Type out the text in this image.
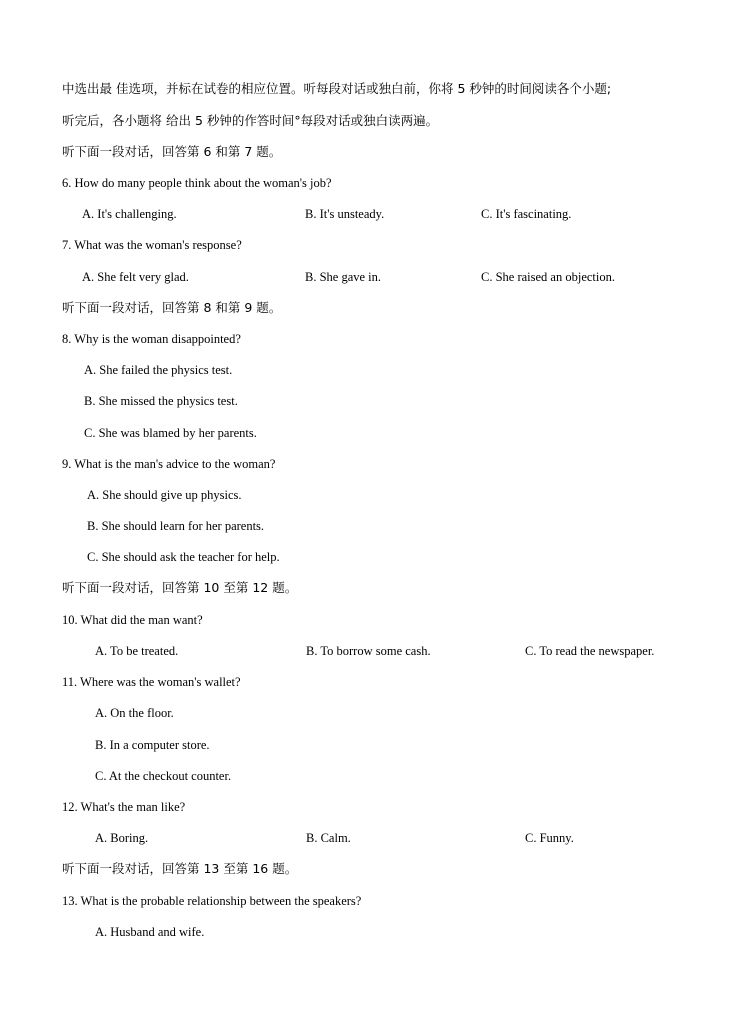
中选出最 佳选项，并标在试卷的相应位置。听每段对话或独白前，你将 5 秒钟的时间阅读各个小题;
听完后，各小题将 给出 5 秒钟的作答时间°每段对话或独白读两遍。
听下面一段对话，回答第 6 和第 7 题。
6. How do many people think about the woman's job?
A. It's challenging.	B. It's unsteady.	C. It's fascinating.
7. What was the woman's response?
A. She felt very glad.	B. She gave in.	C. She raised an objection.
听下面一段对话，回答第 8 和第 9 题。
8. Why is the woman disappointed?
A. She failed the physics test.
B. She missed the physics test.
C. She was blamed by her parents.
9. What is the man's advice to the woman?
A. She should give up physics.
B. She should learn for her parents.
C. She should ask the teacher for help.
听下面一段对话，回答第 10 至第 12 题。
10. What did the man want?
A. To be treated.	B. To borrow some cash.	C. To read the newspaper.
11. Where was the woman's wallet?
A. On the floor.
B. In a computer store.
C. At the checkout counter.
12. What's the man like?
A. Boring.	B. Calm.	C. Funny.
听下面一段对话，回答第 13 至第 16 题。
13. What is the probable relationship between the speakers?
A. Husband and wife.
